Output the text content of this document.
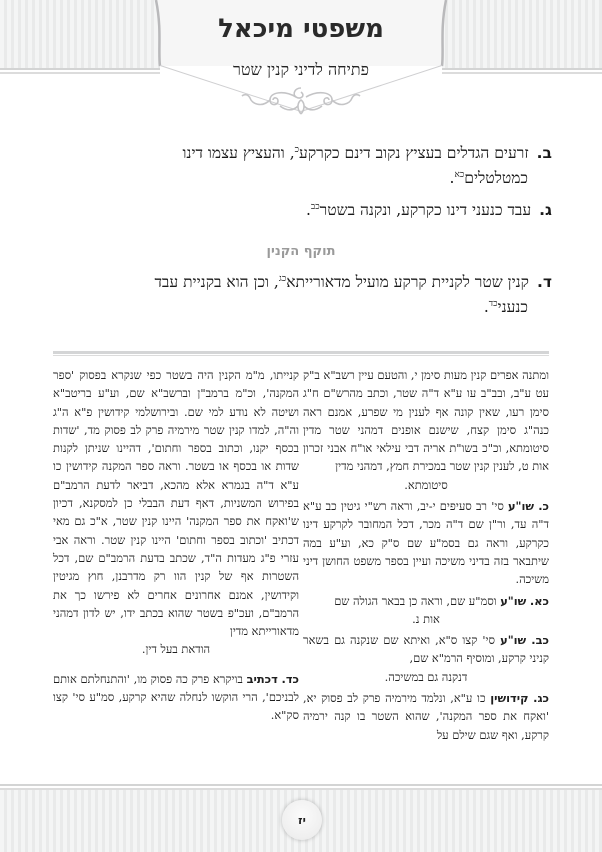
משפטי מיכאל
פתיחה לדיני קנין שטר
ב.זרעים הגדלים בעציץ נקוב דינם כקרקע$^כ$, והעציץ עצמו דינו
כמטלטלים$^{כא}$.
ג.עבד כנעני דינו כקרקע, ונקנה בשטר$^{כב}$.
תוקף הקנין
ד.קנין שטר לקניית קרקע מועיל מדאורייתא$^{כג}$, וכן הוא בקניית עבד
כנעני$^{כד}$.
ומתנה אפרים קנין מעות סימן י, והטעם עיין רשב"א ב"ק עט ע"ב, ובב"ב עו ע"א ד"ה שטר, וכתב מהרש"ם ח"ג סימן רעו, שאין קונה אף לענין מי שפרע, אמנם ראה כנה"ג סימן קצח, שישנם אופנים דמהני שטר מדין סיטומתא, וכ"כ בשו"ת אריה דבי עילאי או"ח אבני זכרון אות ט, לענין קנין שטר במכירת חמץ, דמהני מדין
סיטומתא.
כ. שו"ע סי' רב סעיפים י-יב, וראה רש"י גיטין כב ע"א ד"ה עד, ור"ן שם ד"ה מכר, דכל המחובר לקרקע דינו כקרקע, וראה גם בסמ"ע שם ס"ק כא, וע"ע במה שיתבאר בזה בדיני משיכה ועיין בספר משפט החושן דיני משיכה.
כא. שו"ע וסמ"ע שם, וראה כן בבאר הגולה שם
אות נ.
כב. שו"ע סי' קצו ס"א, ואיתא שם שנקנה גם בשאר קניני קרקע, ומוסיף הרמ"א שם,
דנקנה גם במשיכה.
כג. קידושין כו ע"א, ונלמד מירמיה פרק לב פסוק יא, 'ואקח את ספר המקנה', שהוא השטר בו קנה ירמיה קרקע, ואף שגם שילם על
קנייתו, מ"מ הקנין היה בשטר כפי שנקרא בפסוק 'ספר המקנה', וכ"מ ברמב"ן וברשב"א שם, וע"ע בריטב"א ושיטה לא נודע למי שם. ובירושלמי קידושין פ"א ה"ג וה"ה, למדו קנין שטר מירמיה פרק לב פסוק מד, 'שדות בכסף יקנו, וכתוב בספר וחתום', דהיינו שניתן לקנות שדות או בכסף או בשטר. וראה ספר המקנה קידושין כו ע"א ד"ה בגמרא אלא מהכא, דביאר לדעת הרמב"ם בפירוש המשניות, דאף דעת הבבלי כן למסקנא, דכיון ש'ואקח את ספר המקנה' היינו קנין שטר, א"כ גם מאי דכתיב 'וכתוב בספר וחתום' היינו קנין שטר. וראה אבי עזרי פ"ג מעדות ה"ד, שכתב בדעת הרמב"ם שם, דכל השטרות אף של קנין הוו רק מדרבנן, חוץ מגיטין וקידושין, אמנם אחרונים אחרים לא פירשו כך את הרמב"ם, ועכ"פ בשטר שהוא בכתב ידו, יש לדון דמהני מדאורייתא מדין
הודאת בעל דין.
כד. דכתיב בויקרא פרק כה פסוק מו, 'והתנחלתם אותם לבניכם', הרי הוקשו לנחלה שהיא קרקע, סמ"ע סי' קצו סק"א.
יז
